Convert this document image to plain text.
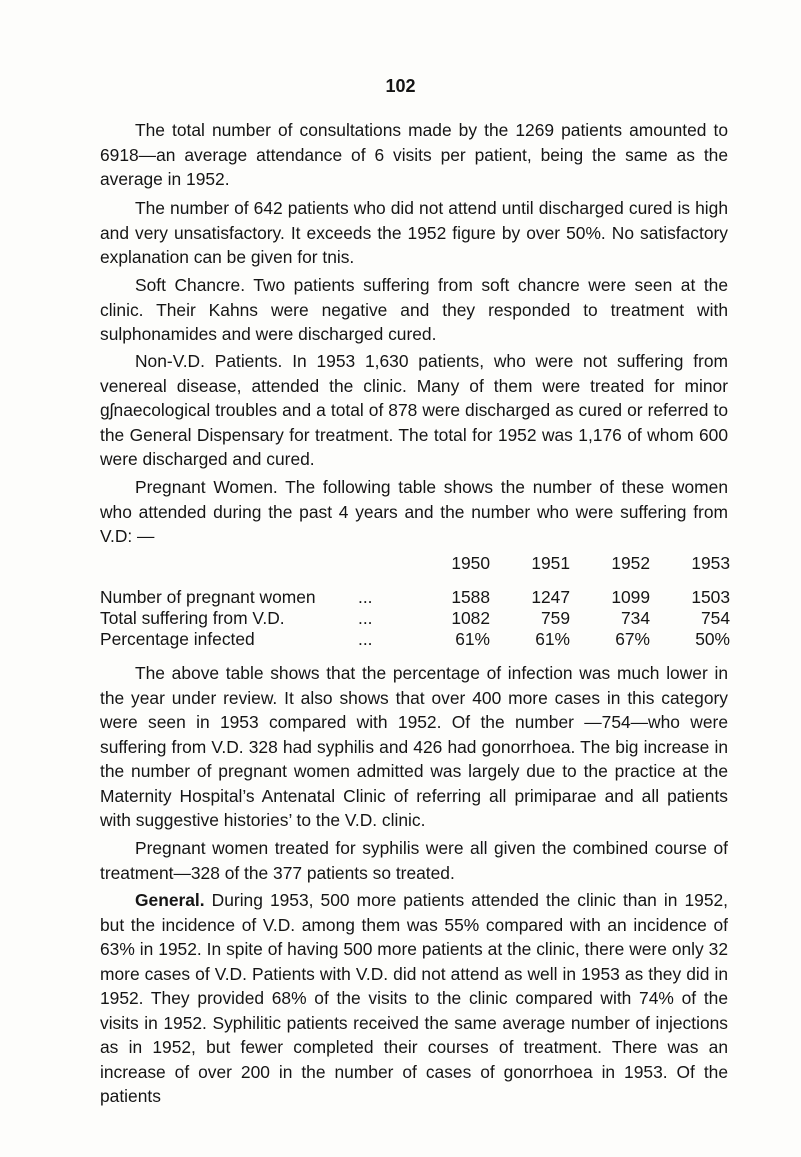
102

The total number of consultations made by the 1269 patients amounted to 6918—an average attendance of 6 visits per patient, being the same as the average in 1952.

The number of 642 patients who did not attend until discharged cured is high and very unsatisfactory. It exceeds the 1952 figure by over 50%. No satisfactory explanation can be given for tnis.

Soft Chancre. Two patients suffering from soft chancre were seen at the clinic. Their Kahns were negative and they responded to treatment with sulphonamides and were discharged cured.

Non-V.D. Patients. In 1953 1,630 patients, who were not suffering from venereal disease, attended the clinic. Many of them were treated for minor gʃnaecological troubles and a total of 878 were discharged as cured or referred to the General Dispensary for treatment. The total for 1952 was 1,176 of whom 600 were discharged and cured.

Pregnant Women. The following table shows the number of these women who attended during the past 4 years and the number who were suffering from V.D: —

		1950	1951	1952	1953
Number of pregnant women	...	1588	1247	1099	1503
Total suffering from V.D.	...	1082	759	734	754
Percentage infected	...	61%	61%	67%	50%

The above table shows that the percentage of infection was much lower in the year under review. It also shows that over 400 more cases in this category were seen in 1953 compared with 1952. Of the number —754—who were suffering from V.D. 328 had syphilis and 426 had gonorrhoea. The big increase in the number of pregnant women admitted was largely due to the practice at the Maternity Hospital’s Antenatal Clinic of referring all primiparae and all patients with suggestive histories’ to the V.D. clinic.

Pregnant women treated for syphilis were all given the combined course of treatment—328 of the 377 patients so treated.

General. During 1953, 500 more patients attended the clinic than in 1952, but the incidence of V.D. among them was 55% compared with an incidence of 63% in 1952. In spite of having 500 more patients at the clinic, there were only 32 more cases of V.D. Patients with V.D. did not attend as well in 1953 as they did in 1952. They provided 68% of the visits to the clinic compared with 74% of the visits in 1952. Syphilitic patients received the same average number of injections as in 1952, but fewer completed their courses of treatment. There was an increase of over 200 in the number of cases of gonorrhoea in 1953. Of the patients
